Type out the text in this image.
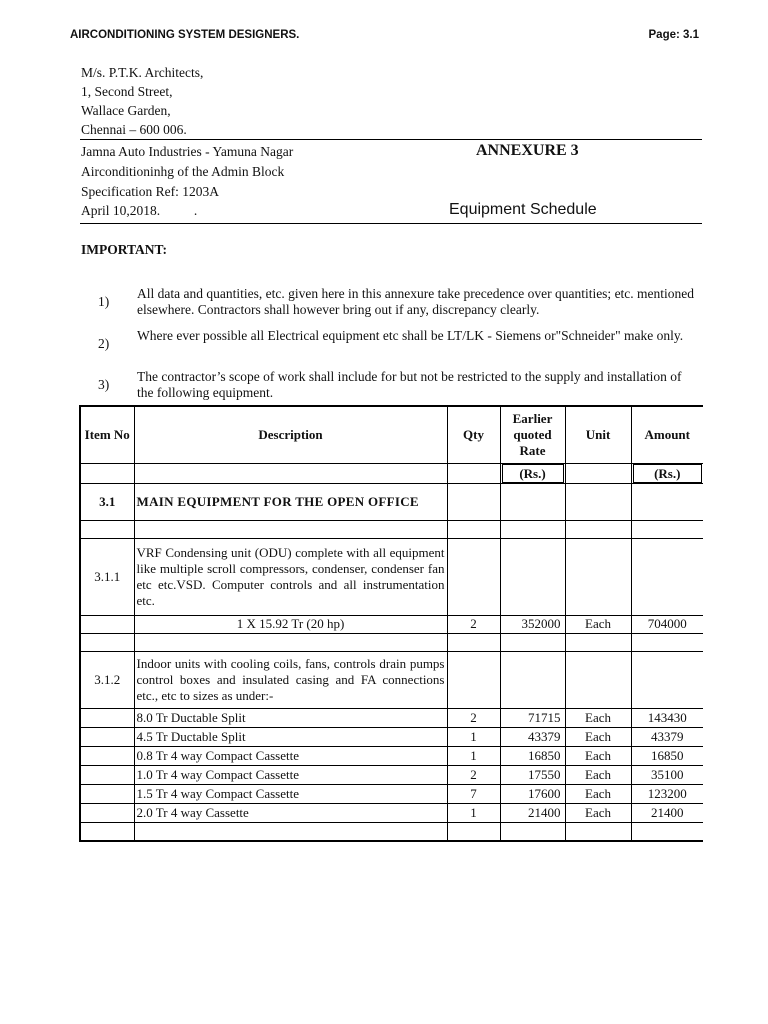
AIRCONDITIONING SYSTEM DESIGNERS.	Page: 3.1
M/s. P.T.K. Architects,
1, Second Street,
Wallace Garden,
Chennai – 600 006.
Jamna Auto Industries - Yamuna Nagar
Airconditioninhg of the Admin Block
Specification Ref: 1203A
April 10,2018.          .
ANNEXURE 3
Equipment Schedule
IMPORTANT:
1)
All data and quantities, etc. given here in this annexure take precedence over quantities; etc. mentioned elsewhere. Contractors shall however bring out if any, discrepancy clearly.
2)
Where ever possible all Electrical equipment etc shall be LT/LK - Siemens or"Schneider" make only.
3)
The contractor’s scope of work shall include for but not be restricted to the supply and installation of the following equipment.
Item No	Description	Qty	Earlier quoted Rate	Unit	Amount

			(Rs.)		(Rs.)

3.1	MAIN EQUIPMENT FOR THE OPEN OFFICE				

3.1.1	VRF Condensing unit (ODU) complete with all equipment like multiple scroll compressors, condenser, condenser fan etc etc.VSD. Computer controls and all instrumentation etc.				
	1 X 15.92 Tr (20 hp)	2	352000	Each	704000

3.1.2	Indoor units with cooling coils, fans, controls drain pumps control boxes and insulated casing and FA connections etc., etc to sizes as under:-				
	8.0 Tr Ductable Split	2	71715	Each	143430
	4.5 Tr Ductable Split	1	43379	Each	43379
	0.8 Tr 4 way Compact Cassette	1	16850	Each	16850
	1.0 Tr 4 way Compact Cassette	2	17550	Each	35100
	1.5 Tr 4 way Compact Cassette	7	17600	Each	123200
	2.0 Tr 4 way Cassette	1	21400	Each	21400
